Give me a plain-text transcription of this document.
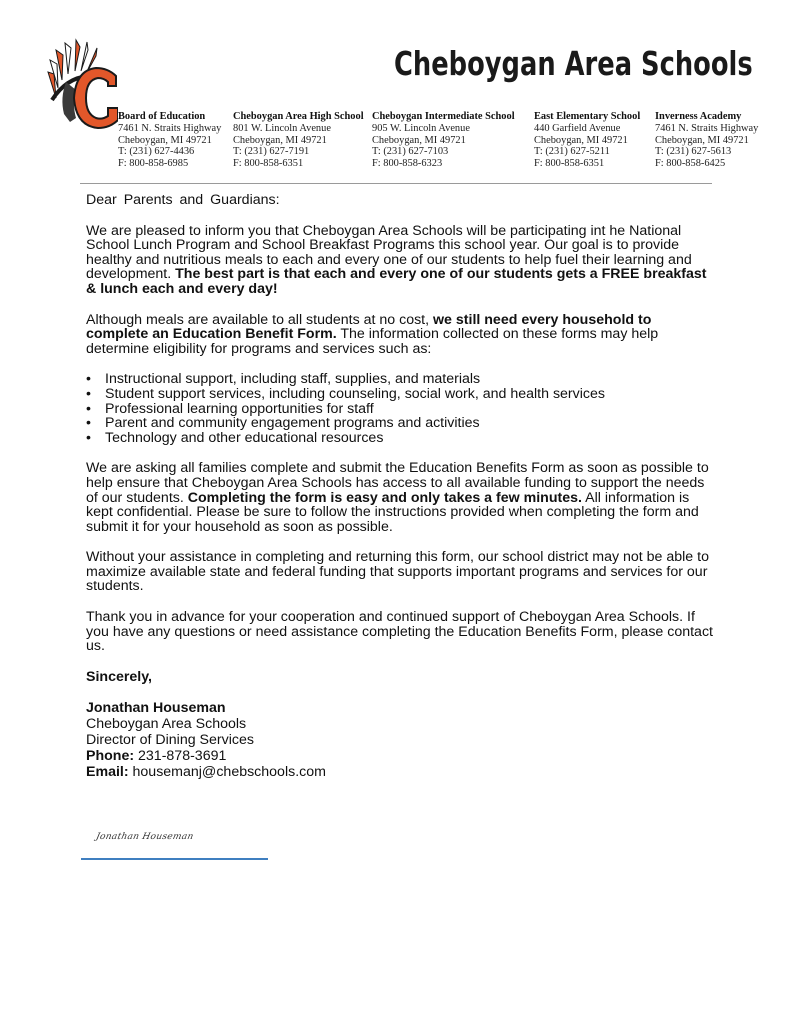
Cheboygan Area Schools
Board of Education
7461 N. Straits Highway
Cheboygan, MI 49721
T: (231) 627-4436
F: 800-858-6985
Cheboygan Area High School
801 W. Lincoln Avenue
Cheboygan, MI 49721
T: (231) 627-7191
F: 800-858-6351
Cheboygan Intermediate School
905 W. Lincoln Avenue
Cheboygan, MI 49721
T: (231) 627-7103
F: 800-858-6323
East Elementary School
440 Garfield Avenue
Cheboygan, MI 49721
T: (231) 627-5211
F: 800-858-6351
Inverness Academy
7461 N. Straits Highway
Cheboygan, MI 49721
T: (231) 627-5613
F: 800-858-6425

Dear Parents and Guardians:

We are pleased to inform you that Cheboygan Area Schools will be participating int he National School Lunch Program and School Breakfast Programs this school year. Our goal is to provide healthy and nutritious meals to each and every one of our students to help fuel their learning and development. The best part is that each and every one of our students gets a FREE breakfast & lunch each and every day!

Although meals are available to all students at no cost, we still need every household to complete an Education Benefit Form. The information collected on these forms may help determine eligibility for programs and services such as:

• Instructional support, including staff, supplies, and materials
• Student support services, including counseling, social work, and health services
• Professional learning opportunities for staff
• Parent and community engagement programs and activities
• Technology and other educational resources

We are asking all families complete and submit the Education Benefits Form as soon as possible to help ensure that Cheboygan Area Schools has access to all available funding to support the needs of our students. Completing the form is easy and only takes a few minutes. All information is kept confidential. Please be sure to follow the instructions provided when completing the form and submit it for your household as soon as possible.

Without your assistance in completing and returning this form, our school district may not be able to maximize available state and federal funding that supports important programs and services for our students.

Thank you in advance for your cooperation and continued support of Cheboygan Area Schools. If you have any questions or need assistance completing the Education Benefits Form, please contact us.

Sincerely,

Jonathan Houseman
Cheboygan Area Schools
Director of Dining Services
Phone: 231-878-3691
Email: housemanj@chebschools.com
Jonathan Houseman
